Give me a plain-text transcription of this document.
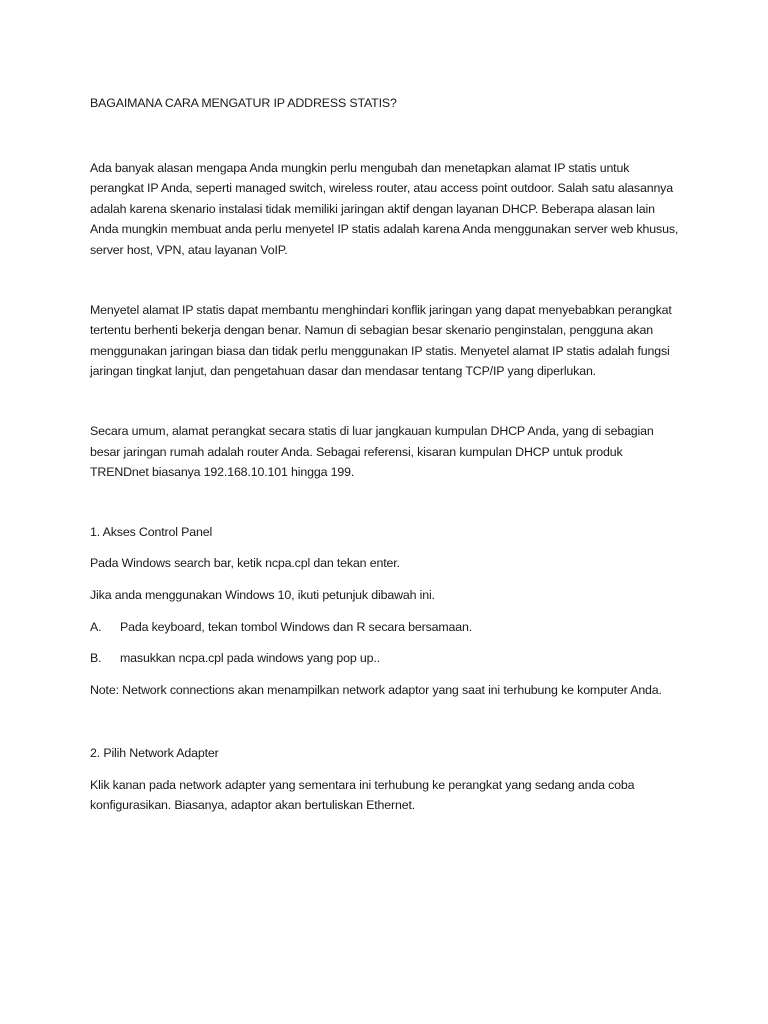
BAGAIMANA CARA MENGATUR IP ADDRESS STATIS?

Ada banyak alasan mengapa Anda mungkin perlu mengubah dan menetapkan alamat IP statis untuk perangkat IP Anda, seperti managed switch, wireless router, atau access point outdoor. Salah satu alasannya adalah karena skenario instalasi tidak memiliki jaringan aktif dengan layanan DHCP. Beberapa alasan lain Anda mungkin membuat anda perlu menyetel IP statis adalah karena Anda menggunakan server web khusus, server host, VPN, atau layanan VoIP.

Menyetel alamat IP statis dapat membantu menghindari konflik jaringan yang dapat menyebabkan perangkat tertentu berhenti bekerja dengan benar. Namun di sebagian besar skenario penginstalan, pengguna akan menggunakan jaringan biasa dan tidak perlu menggunakan IP statis. Menyetel alamat IP statis adalah fungsi jaringan tingkat lanjut, dan pengetahuan dasar dan mendasar tentang TCP/IP yang diperlukan.

Secara umum, alamat perangkat secara statis di luar jangkauan kumpulan DHCP Anda, yang di sebagian besar jaringan rumah adalah router Anda. Sebagai referensi, kisaran kumpulan DHCP untuk produk TRENDnet biasanya 192.168.10.101 hingga 199.

1. Akses Control Panel

Pada Windows search bar, ketik ncpa.cpl dan tekan enter.

Jika anda menggunakan Windows 10, ikuti petunjuk dibawah ini.

A.	Pada keyboard, tekan tombol Windows dan R secara bersamaan.
B.	masukkan ncpa.cpl pada windows yang pop up..

Note: Network connections akan menampilkan network adaptor yang saat ini terhubung ke komputer Anda.

2. Pilih Network Adapter

Klik kanan pada network adapter yang sementara ini terhubung ke perangkat yang sedang anda coba konfigurasikan. Biasanya, adaptor akan bertuliskan Ethernet.
